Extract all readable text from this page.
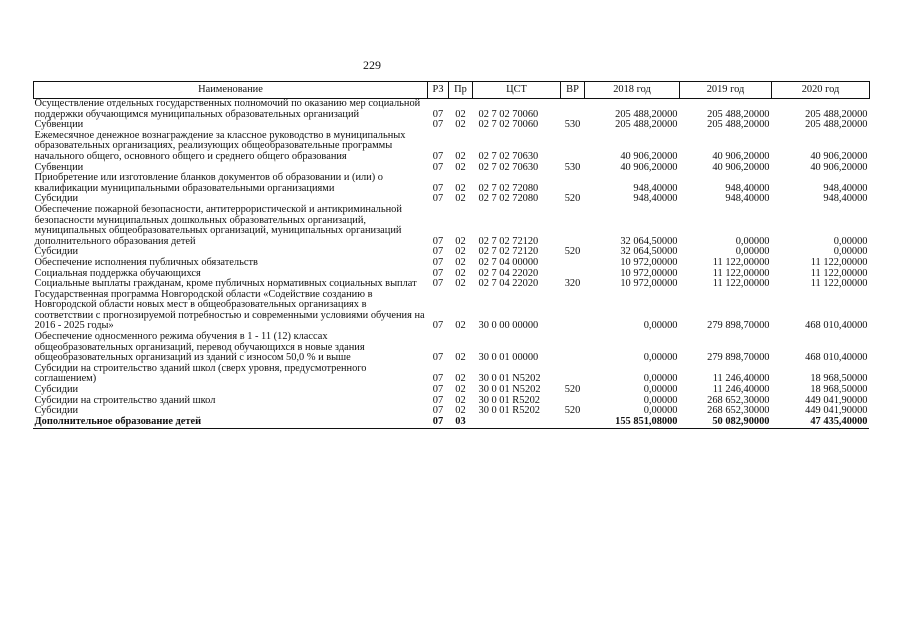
229
Наименование	РЗ	Пр	ЦСТ	ВР	2018 год	2019 год	2020 год
Осуществление отдельных государственных полномочий по оказанию мер социальной поддержки обучающимся муниципальных образовательных организаций	07	02	02 7 02 70060		205 488,20000	205 488,20000	205 488,20000
Субвенции	07	02	02 7 02 70060	530	205 488,20000	205 488,20000	205 488,20000
Ежемесячное денежное вознаграждение за классное руководство в муниципальных образовательных организациях, реализующих общеобразовательные программы начального общего, основного общего и среднего общего образования	07	02	02 7 02 70630		40 906,20000	40 906,20000	40 906,20000
Субвенции	07	02	02 7 02 70630	530	40 906,20000	40 906,20000	40 906,20000
Приобретение или изготовление бланков документов об образовании и (или) о квалификации муниципальными образовательными организациями	07	02	02 7 02 72080		948,40000	948,40000	948,40000
Субсидии	07	02	02 7 02 72080	520	948,40000	948,40000	948,40000
Обеспечение пожарной безопасности, антитеррористической и антикриминальной безопасности муниципальных дошкольных образовательных организаций, муниципальных общеобразовательных организаций, муниципальных организаций дополнительного образования детей	07	02	02 7 02 72120		32 064,50000	0,00000	0,00000
Субсидии	07	02	02 7 02 72120	520	32 064,50000	0,00000	0,00000
Обеспечение исполнения публичных обязательств	07	02	02 7 04 00000		10 972,00000	11 122,00000	11 122,00000
Социальная поддержка обучающихся	07	02	02 7 04 22020		10 972,00000	11 122,00000	11 122,00000
Социальные выплаты гражданам, кроме публичных нормативных социальных выплат	07	02	02 7 04 22020	320	10 972,00000	11 122,00000	11 122,00000
Государственная программа Новгородской области «Содействие созданию в Новгородской области новых мест в общеобразовательных организациях в соответствии с прогнозируемой потребностью и современными условиями обучения на 2016 - 2025 годы»	07	02	30 0 00 00000		0,00000	279 898,70000	468 010,40000
Обеспечение односменного режима обучения в 1 - 11 (12) классах общеобразовательных организаций, перевод обучающихся в новые здания общеобразовательных организаций из зданий с износом 50,0 % и выше	07	02	30 0 01 00000		0,00000	279 898,70000	468 010,40000
Субсидии на строительство зданий школ (сверх уровня, предусмотренного соглашением)	07	02	30 0 01 N5202		0,00000	11 246,40000	18 968,50000
Субсидии	07	02	30 0 01 N5202	520	0,00000	11 246,40000	18 968,50000
Субсидии на строительство зданий школ	07	02	30 0 01 R5202		0,00000	268 652,30000	449 041,90000
Субсидии	07	02	30 0 01 R5202	520	0,00000	268 652,30000	449 041,90000
Дополнительное образование детей	07	03			155 851,08000	50 082,90000	47 435,40000
